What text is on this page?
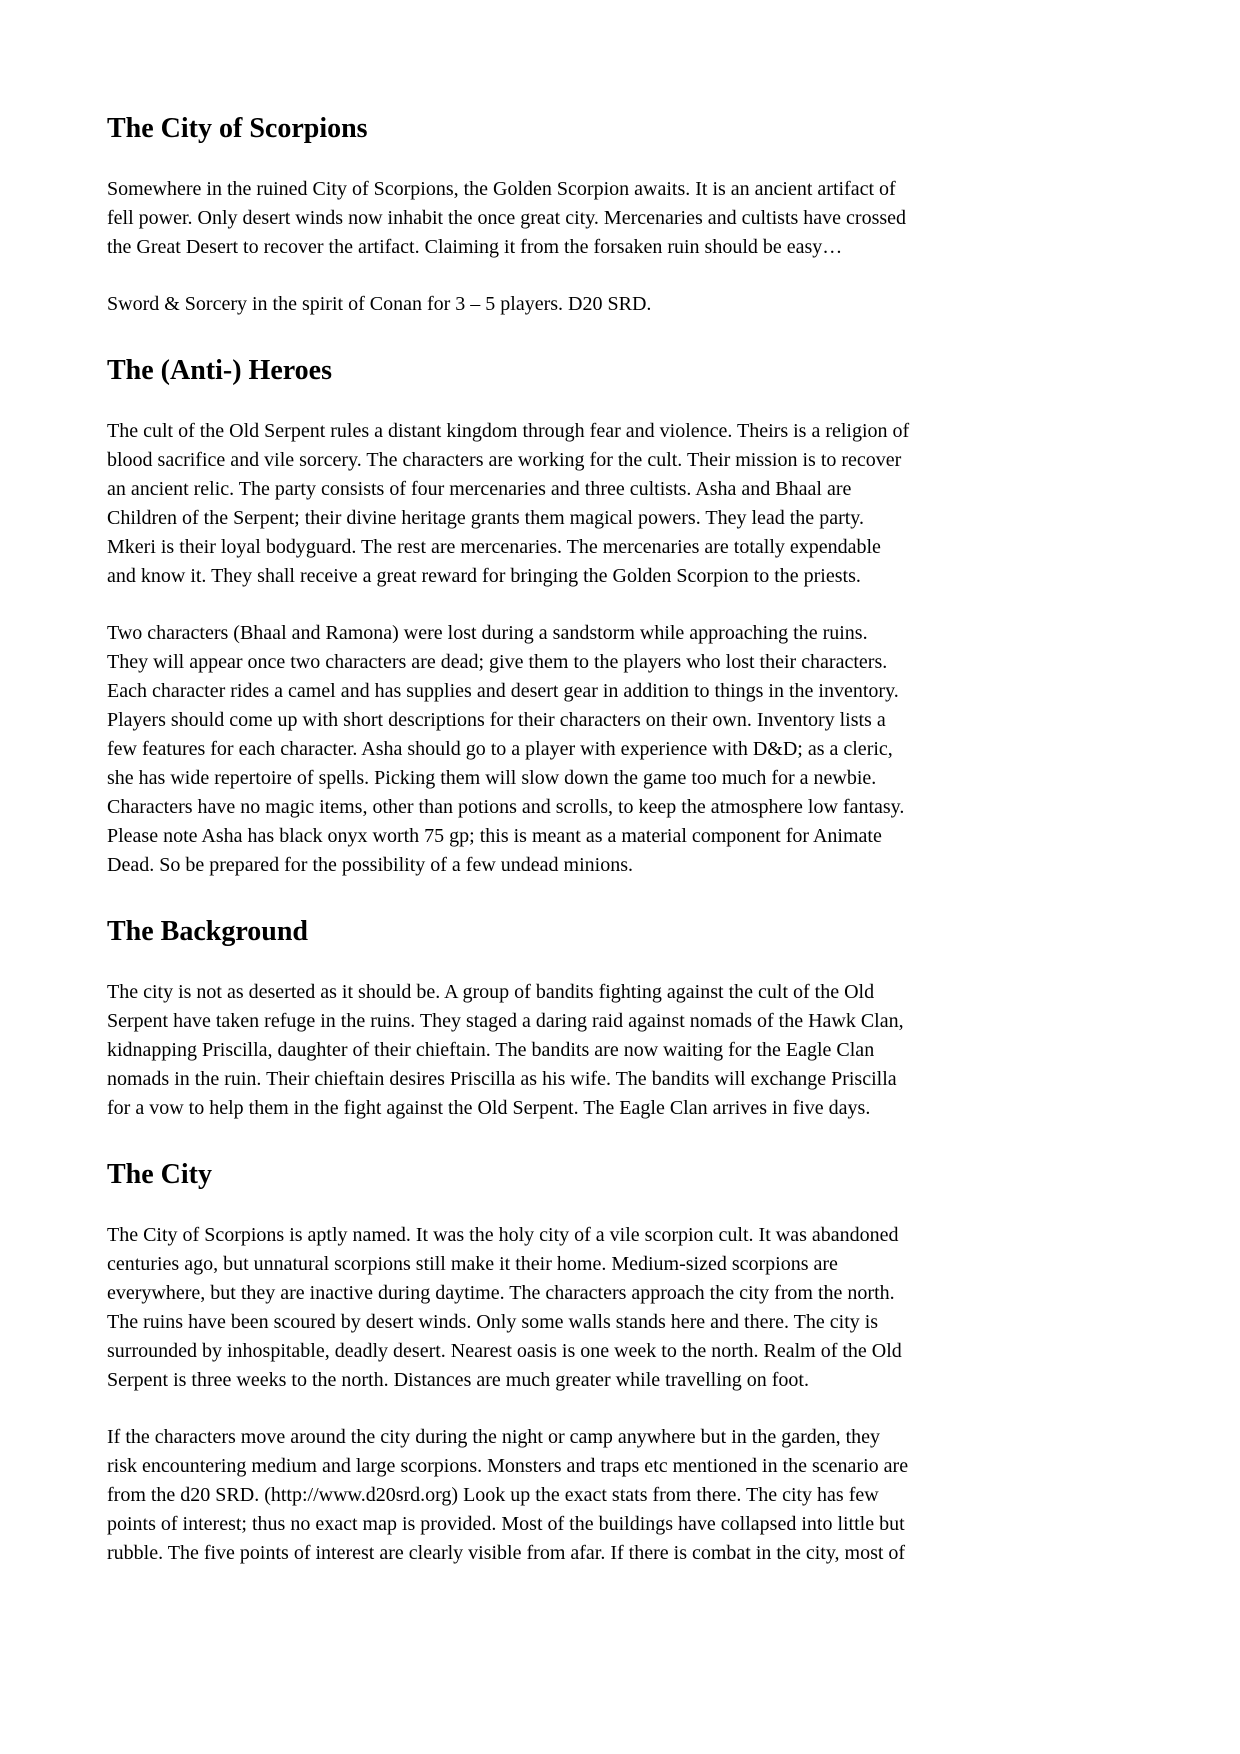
The City of Scorpions

Somewhere in the ruined City of Scorpions, the Golden Scorpion awaits. It is an ancient artifact of
fell power. Only desert winds now inhabit the once great city. Mercenaries and cultists have crossed
the Great Desert to recover the artifact. Claiming it from the forsaken ruin should be easy…

Sword & Sorcery in the spirit of Conan for 3 – 5 players. D20 SRD.

The (Anti-) Heroes

The cult of the Old Serpent rules a distant kingdom through fear and violence. Theirs is a religion of
blood sacrifice and vile sorcery. The characters are working for the cult. Their mission is to recover
an ancient relic. The party consists of four mercenaries and three cultists. Asha and Bhaal are
Children of the Serpent; their divine heritage grants them magical powers. They lead the party.
Mkeri is their loyal bodyguard. The rest are mercenaries. The mercenaries are totally expendable
and know it. They shall receive a great reward for bringing the Golden Scorpion to the priests.

Two characters (Bhaal and Ramona) were lost during a sandstorm while approaching the ruins.
They will appear once two characters are dead; give them to the players who lost their characters.
Each character rides a camel and has supplies and desert gear in addition to things in the inventory.
Players should come up with short descriptions for their characters on their own. Inventory lists a
few features for each character. Asha should go to a player with experience with D&D; as a cleric,
she has wide repertoire of spells. Picking them will slow down the game too much for a newbie.
Characters have no magic items, other than potions and scrolls, to keep the atmosphere low fantasy.
Please note Asha has black onyx worth 75 gp; this is meant as a material component for Animate
Dead. So be prepared for the possibility of a few undead minions.

The Background

The city is not as deserted as it should be. A group of bandits fighting against the cult of the Old
Serpent have taken refuge in the ruins. They staged a daring raid against nomads of the Hawk Clan,
kidnapping Priscilla, daughter of their chieftain. The bandits are now waiting for the Eagle Clan
nomads in the ruin. Their chieftain desires Priscilla as his wife. The bandits will exchange Priscilla
for a vow to help them in the fight against the Old Serpent. The Eagle Clan arrives in five days.

The City

The City of Scorpions is aptly named. It was the holy city of a vile scorpion cult. It was abandoned
centuries ago, but unnatural scorpions still make it their home. Medium-sized scorpions are
everywhere, but they are inactive during daytime. The characters approach the city from the north.
The ruins have been scoured by desert winds. Only some walls stands here and there. The city is
surrounded by inhospitable, deadly desert. Nearest oasis is one week to the north. Realm of the Old
Serpent is three weeks to the north. Distances are much greater while travelling on foot.

If the characters move around the city during the night or camp anywhere but in the garden, they
risk encountering medium and large scorpions. Monsters and traps etc mentioned in the scenario are
from the d20 SRD. (http://www.d20srd.org) Look up the exact stats from there. The city has few
points of interest; thus no exact map is provided. Most of the buildings have collapsed into little but
rubble. The five points of interest are clearly visible from afar. If there is combat in the city, most of
